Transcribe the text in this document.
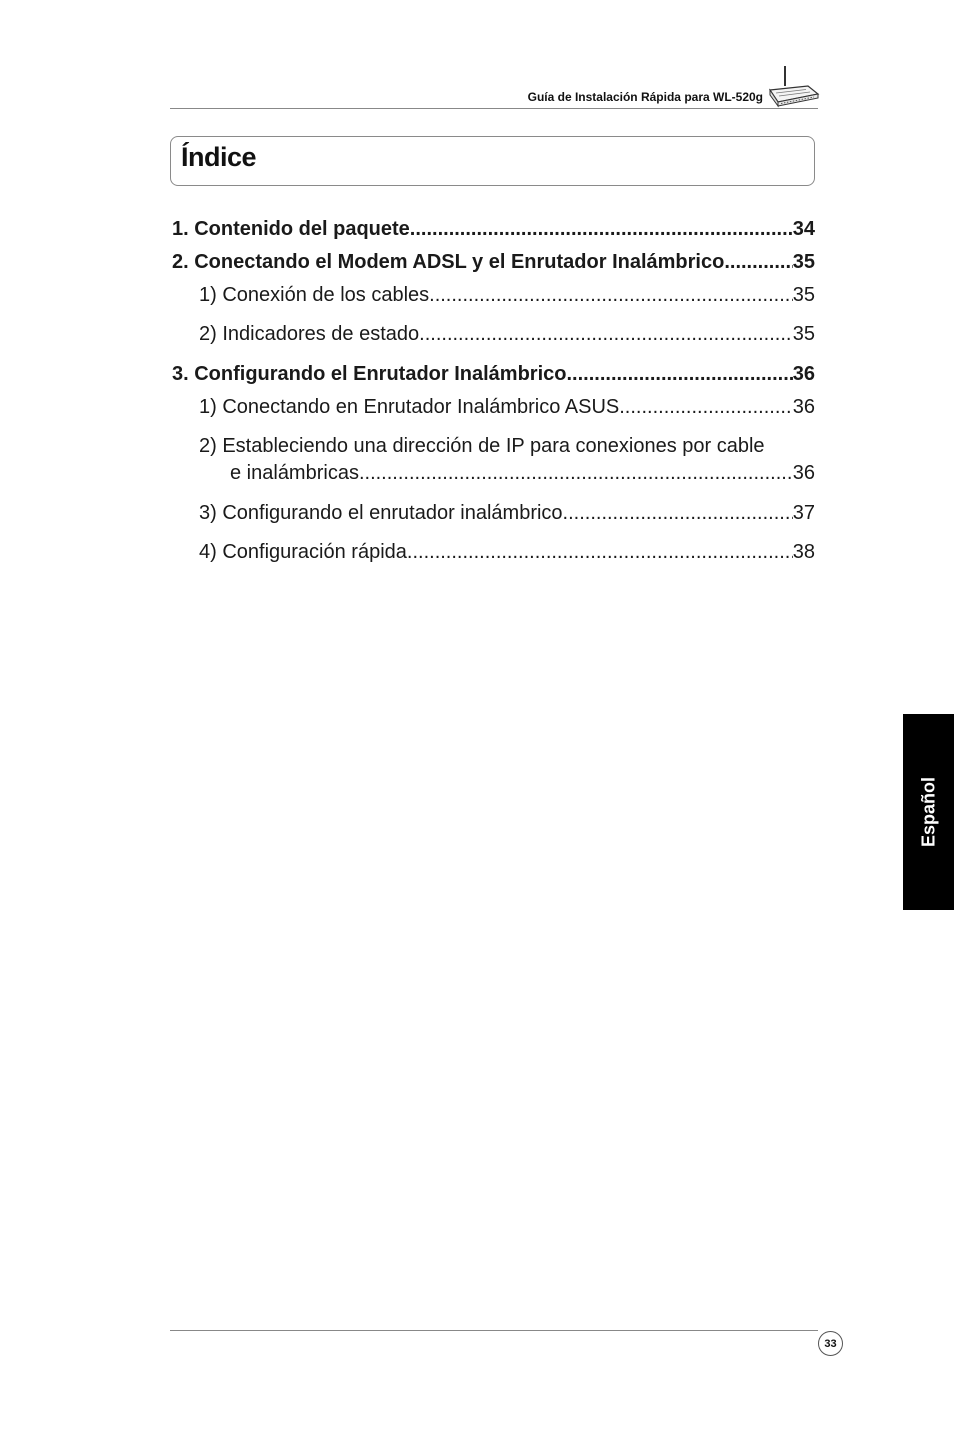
Guía de Instalación Rápida para WL-520g
Índice
1. Contenido del paquete .....	34
2. Conectando el Modem ADSL y el Enrutador Inalámbrico .....	35
1) Conexión de los cables .....	35
2) Indicadores de estado .....	35
3. Configurando el Enrutador Inalámbrico .....	36
1) Conectando en Enrutador Inalámbrico ASUS .....	36
2) Estableciendo una dirección de IP para conexiones por cable
e inalámbricas .....	36
3) Configurando el enrutador inalámbrico .....	37
4) Configuración rápida .....	38
Español
33
